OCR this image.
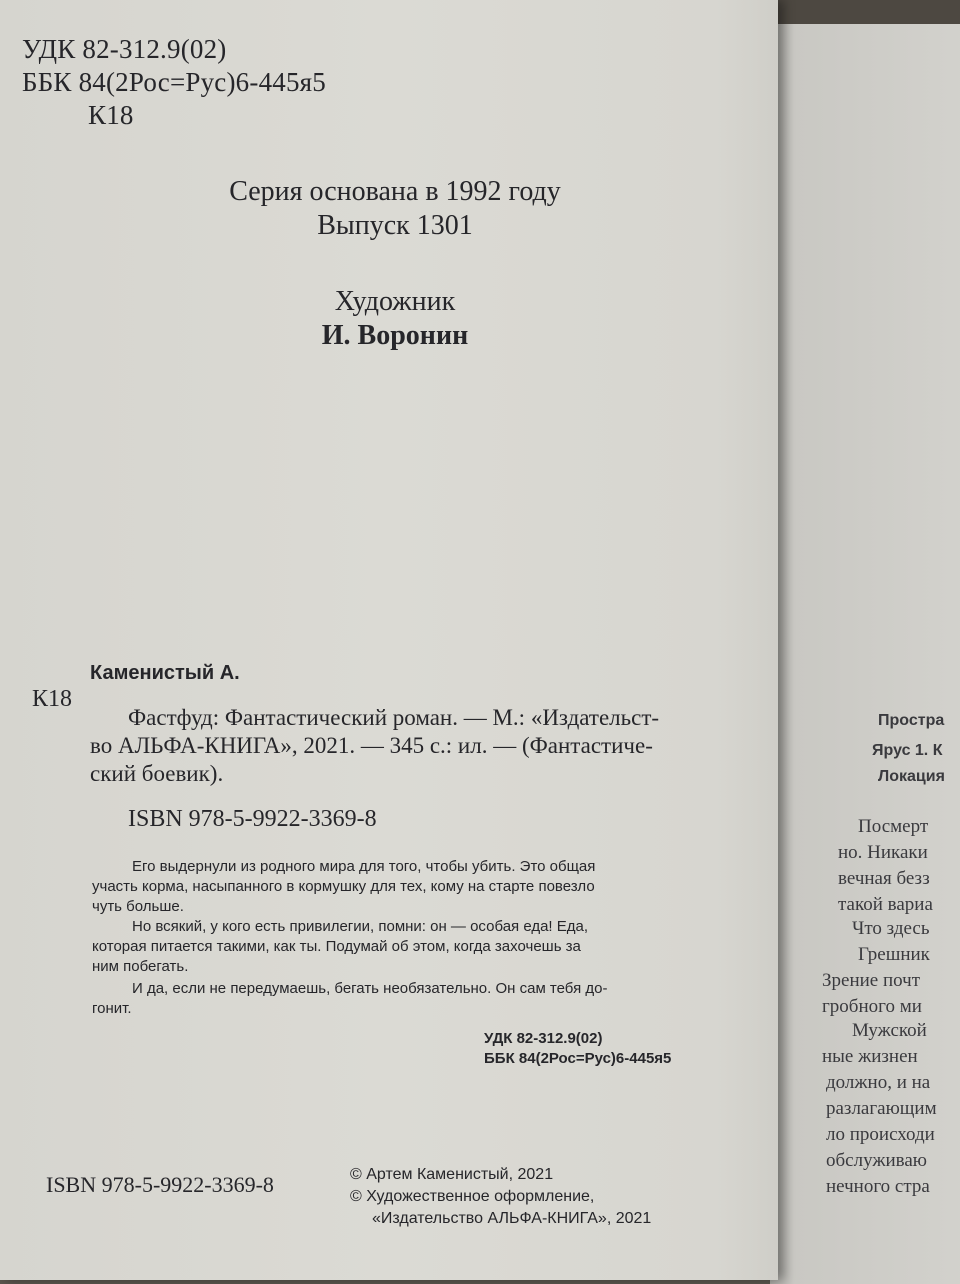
УДК 82-312.9(02)
ББК 84(2Рос=Рус)6-445я5
К18
Серия основана в 1992 году
Выпуск 1301
Художник
И. Воронин
Каменистый А.
К18
Фастфуд: Фантастический роман. — М.: «Издательст-
во АЛЬФА-КНИГА», 2021. — 345 с.: ил. — (Фантастиче-
ский боевик).
ISBN 978-5-9922-3369-8
Его выдернули из родного мира для того, чтобы убить. Это общая
участь корма, насыпанного в кормушку для тех, кому на старте повезло
чуть больше.
Но всякий, у кого есть привилегии, помни: он — особая еда! Еда,
которая питается такими, как ты. Подумай об этом, когда захочешь за
ним побегать.
И да, если не передумаешь, бегать необязательно. Он сам тебя до-
гонит.
УДК 82-312.9(02)
ББК 84(2Рос=Рус)6-445я5
ISBN 978-5-9922-3369-8	© Артем Каменистый, 2021
© Художественное оформление,
«Издательство АЛЬФА-КНИГА», 2021
Простра
Ярус 1. К
Локация
Посмерт
но. Никаки
вечная безз
такой вариа
Что здесь
Грешник
Зрение почт
гробного ми
Мужской
ные жизнен
должно, и на
разлагающим
ло происходи
обслуживаю
нечного стра
